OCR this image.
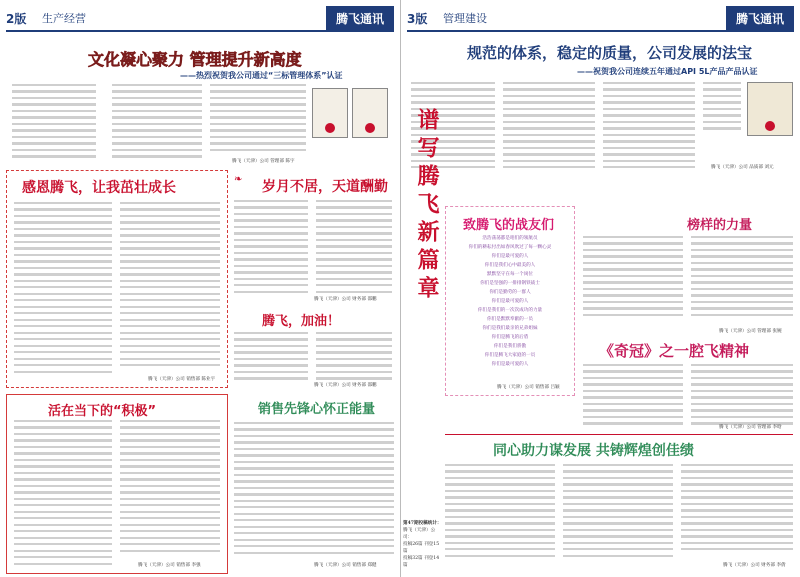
2版 生产经营	腾飞通讯
文化凝心聚力 管理提升新高度
——热烈祝贺我公司通过“三标管理体系”认证
腾飞（天津）公司 管理部 陈宇
感恩腾飞，让我茁壮成长
腾飞（天津）公司 销售部 陈业宇
❧ 岁月不居，天道酬勤
腾飞（天津）公司 财务部 邵鹏
腾飞，加油！
腾飞（天津）公司 财务部 邵鹏
活在当下的“积极”
腾飞（天津）公司 销售部 李强
销售先锋心怀正能量
腾飞（天津）公司 销售部 郑健
3版 管理建设	腾飞通讯
规范的体系，稳定的质量，公司发展的法宝
——祝贺我公司连续五年通过API 5L产品产品认证
腾飞（天津）公司 品质部 刘元
谱写腾飞新篇章 致腾飞的战友们
浩浩荡荡都是咱们的领航员
你们的耕耘付出如春风吹过了每一颗心灵
你们是最可爱的人
你们是我们心中最美的人
默默坚守在每一个岗位
你们是坚强的一排排钢铁战士
你们是勤劳的一群人
你们是最可爱的人
你们是我们的一次次成功的力量
你们是默默奉献的一员
你们是我们最亲的兄弟姐妹
你们是腾飞的后盾
你们是我们骄傲
你们是腾飞大家庭的一员
你们是最可爱的人
腾飞（天津）公司 销售部 吕颖
榜样的力量
腾飞（天津）公司 管理部 张婉
《奇冠》之一腔飞精神
腾飞（天津）公司 管理部 李晗
同心助力谋发展 共铸辉煌创佳绩
腾飞（天津）公司 财务部 李倩
第47期投稿统计：
腾飞（天津）公司：
投稿26篇 刊登15篇
投稿32篇 刊登14篇
